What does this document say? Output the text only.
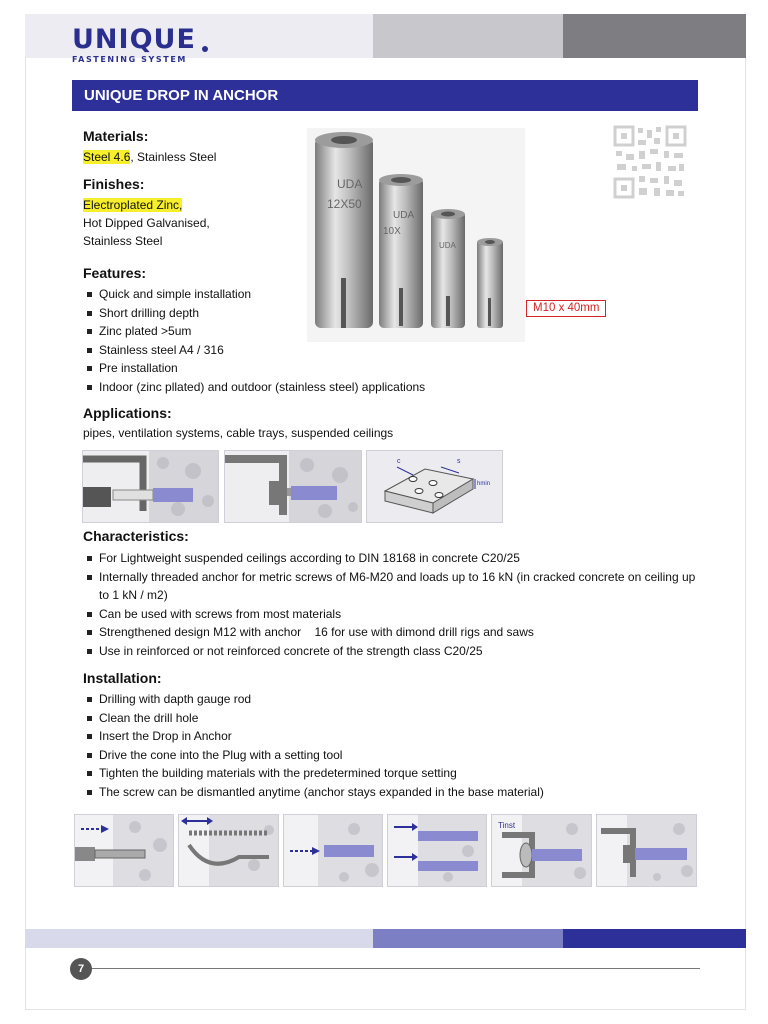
UNIQUE
FASTENING SYSTEM
UNIQUE DROP IN ANCHOR
Materials:
Steel 4.6, Stainless Steel
Finishes:
Electroplated Zinc,
Hot Dipped Galvanised,
Stainless Steel
Features:
Quick and simple installation
Short drilling depth
Zinc plated >5um
Stainless steel A4 / 316
Pre installation
Indoor (zinc pllated) and outdoor (stainless steel) applications
UDA
12X50
UDA
10X
UDA
M10 x 40mm
Applications:
pipes, ventilation systems, cable trays, suspended ceilings
c	s
hmin
Characteristics:
For Lightweight suspended ceilings according to DIN 18168 in concrete C20/25
Internally threaded anchor for metric screws of M6-M20 and loads up to 16 kN (in cracked concrete on ceiling up to 1 kN / m2)
Can be used with screws from most materials
Strengthened design M12 with anchor    16 for use with dimond drill rigs and saws
Use in reinforced or not reinforced concrete of the strength class C20/25
Installation:
Drilling with dapth gauge rod
Clean the drill hole
Insert the Drop in Anchor
Drive the cone into the Plug with a setting tool
Tighten the building materials with the predetermined torque setting
The screw can be dismantled anytime (anchor stays expanded in the base material)
Tinst
7
